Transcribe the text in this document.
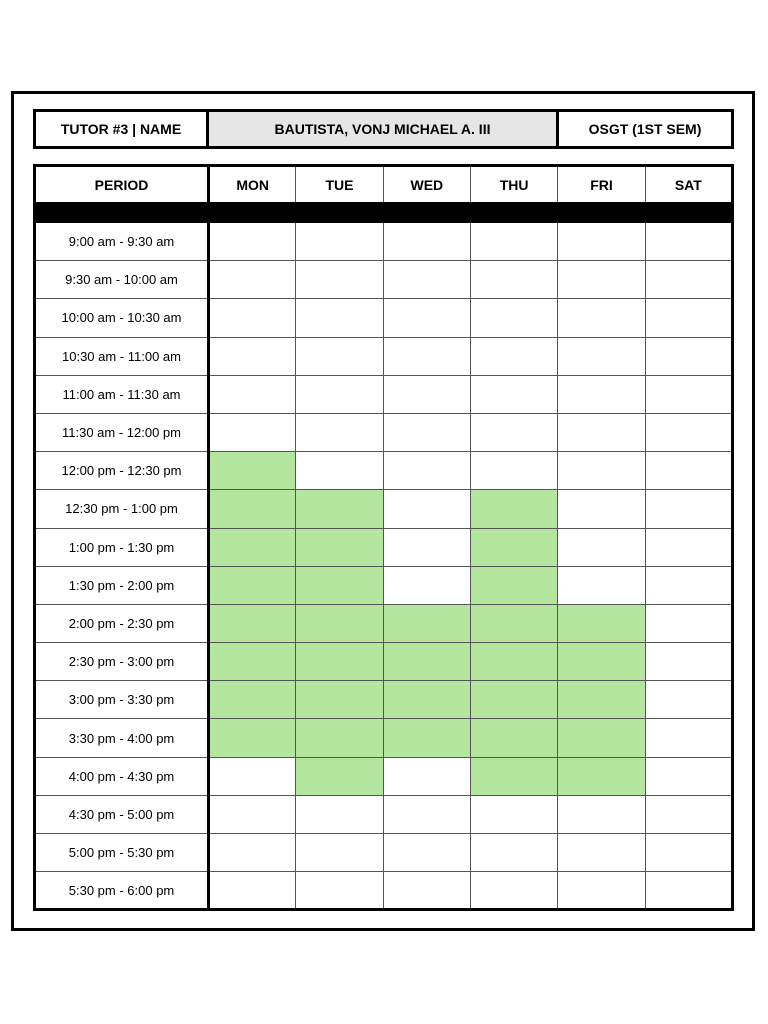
TUTOR #3 | NAME	BAUTISTA, VONJ MICHAEL A. III	OSGT (1ST SEM)
PERIOD	MON	TUE	WED	THU	FRI	SAT

9:00 am - 9:30 am						
9:30 am - 10:00 am						
10:00 am - 10:30 am						
10:30 am - 11:00 am						
11:00 am - 11:30 am						
11:30 am - 12:00 pm						
12:00 pm - 12:30 pm						
12:30 pm - 1:00 pm						
1:00 pm - 1:30 pm						
1:30 pm - 2:00 pm						
2:00 pm - 2:30 pm						
2:30 pm - 3:00 pm						
3:00 pm - 3:30 pm						
3:30 pm - 4:00 pm						
4:00 pm - 4:30 pm						
4:30 pm - 5:00 pm						
5:00 pm - 5:30 pm						
5:30 pm - 6:00 pm						
